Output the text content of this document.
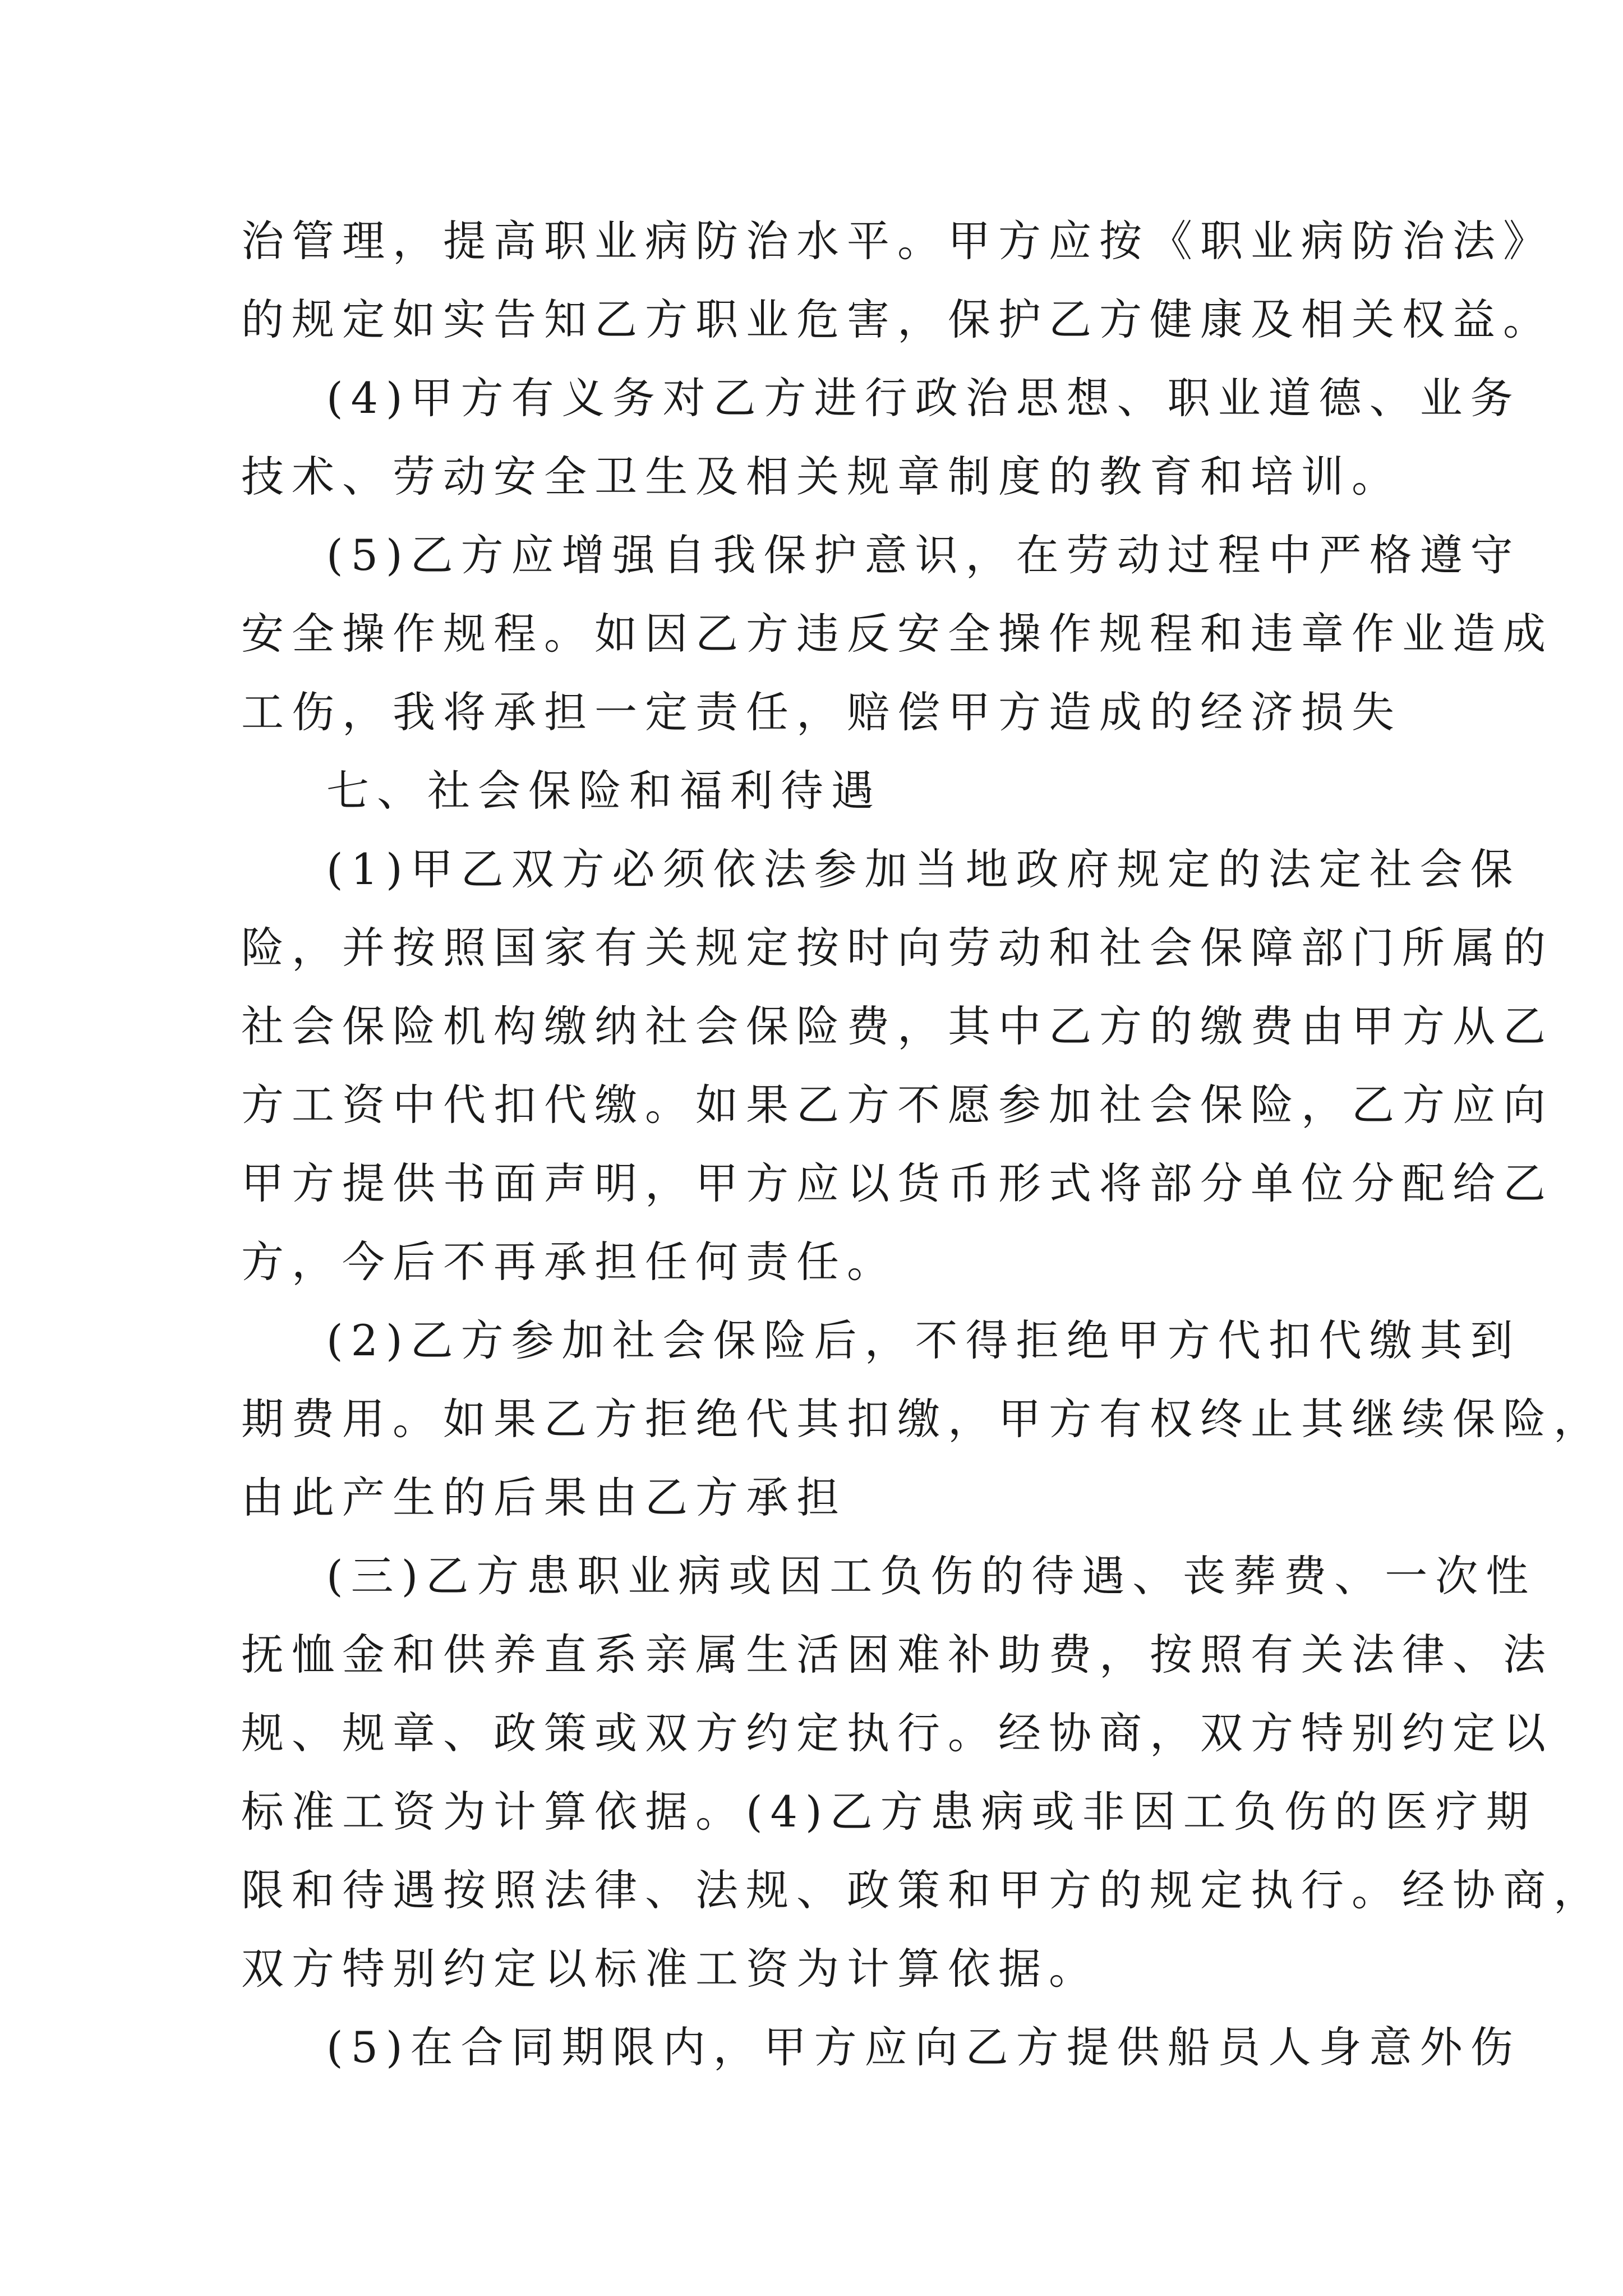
治管理，提高职业病防治水平。甲方应按《职业病防治法》
的规定如实告知乙方职业危害，保护乙方健康及相关权益。
(4)甲方有义务对乙方进行政治思想、职业道德、业务
技术、劳动安全卫生及相关规章制度的教育和培训。
(5)乙方应增强自我保护意识，在劳动过程中严格遵守
安全操作规程。如因乙方违反安全操作规程和违章作业造成
工伤，我将承担一定责任，赔偿甲方造成的经济损失
七、社会保险和福利待遇
(1)甲乙双方必须依法参加当地政府规定的法定社会保
险，并按照国家有关规定按时向劳动和社会保障部门所属的
社会保险机构缴纳社会保险费，其中乙方的缴费由甲方从乙
方工资中代扣代缴。如果乙方不愿参加社会保险，乙方应向
甲方提供书面声明，甲方应以货币形式将部分单位分配给乙
方，今后不再承担任何责任。
(2)乙方参加社会保险后，不得拒绝甲方代扣代缴其到
期费用。如果乙方拒绝代其扣缴，甲方有权终止其继续保险，
由此产生的后果由乙方承担
(三)乙方患职业病或因工负伤的待遇、丧葬费、一次性
抚恤金和供养直系亲属生活困难补助费，按照有关法律、法
规、规章、政策或双方约定执行。经协商，双方特别约定以
标准工资为计算依据。(4)乙方患病或非因工负伤的医疗期
限和待遇按照法律、法规、政策和甲方的规定执行。经协商，
双方特别约定以标准工资为计算依据。
(5)在合同期限内，甲方应向乙方提供船员人身意外伤
